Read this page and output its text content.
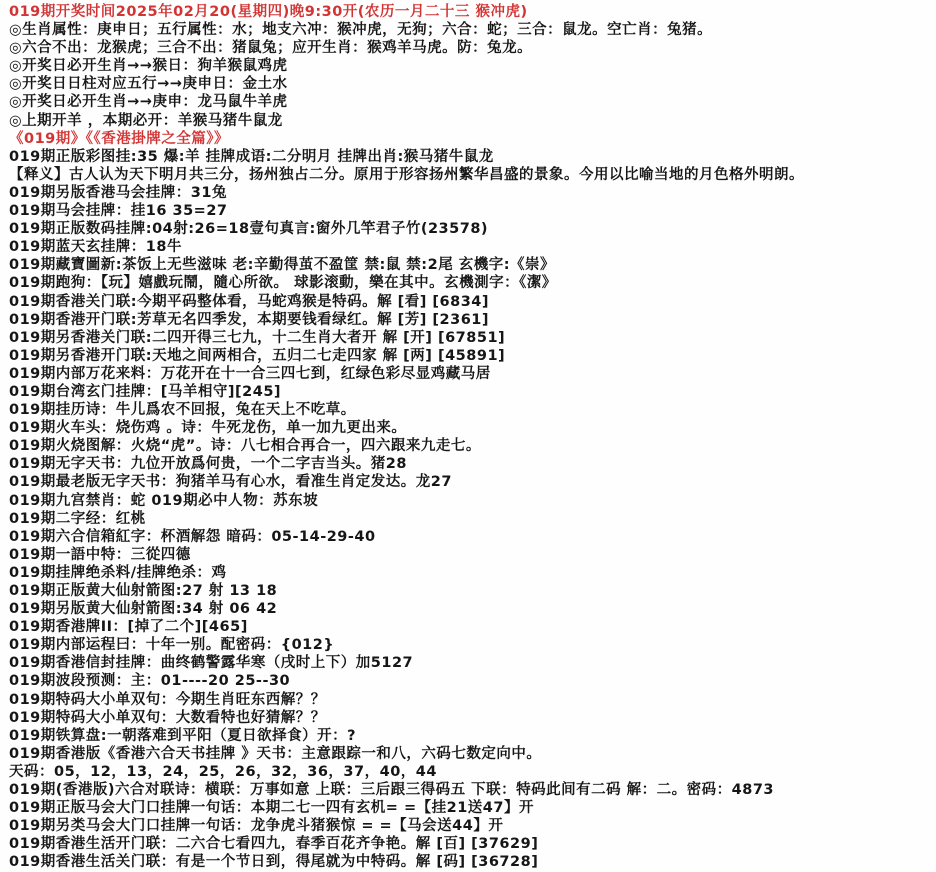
019期开奖时间2025年02月20(星期四)晚9:30开(农历一月二十三 猴冲虎)
◎生肖属性：庚申日；五行属性：水；地支六冲：猴冲虎，无狗；六合：蛇；三合：鼠龙。空亡肖：兔猪。
◎六合不出：龙猴虎；三合不出：猪鼠兔；应开生肖：猴鸡羊马虎。防：兔龙。
◎开奖日必开生肖→→猴日：狗羊猴鼠鸡虎
◎开奖日日柱对应五行→→庚申日：金土水
◎开奖日必开生肖→→庚申：龙马鼠牛羊虎
◎上期开羊 ，本期必开：羊猴马猪牛鼠龙
《019期》《《香港掛牌之全篇》》
019期正版彩图挂:35 爆:羊 挂牌成语:二分明月 挂牌出肖:猴马猪牛鼠龙
【释义】古人认为天下明月共三分，扬州独占二分。原用于形容扬州繁华昌盛的景象。今用以比喻当地的月色格外明朗。
019期另版香港马会挂牌：31兔
019期马会挂牌：挂16 35=27
019期正版数码挂牌:04射:26=18壹句真言:窗外几竿君子竹(23578)
019期蓝天玄挂牌：18牛
019期藏寶圖新:茶饭上无些滋味 老:辛勤得茧不盈筐 禁:鼠 禁:2尾 玄機字:《崇》
019期跑狗：【玩】嬉戲玩鬧，隨心所欲。 球影滚動，樂在其中。玄機測字：《潔》
019期香港关门联:今期平码整体看，马蛇鸡猴是特码。解 [看] [6834]
019期香港开门联:芳草无名四季发，本期要钱看绿红。解 [芳] [2361]
019期另香港关门联:二四开得三七九，十二生肖大者开 解 [开] [67851]
019期另香港开门联:天地之间两相合，五归二七走四家 解 [两] [45891]
019期内部万花来料：万花开在十一合三四七到，红绿色彩尽显鸡藏马居
019期台湾玄门挂牌：[马羊相守][245]
019期挂历诗：牛儿爲农不回报，兔在天上不吃草。
019期火车头：烧伤鸡 。诗：牛死龙伤，单一加九更出来。
019期火烧图解：火烧“虎”。诗：八七相合再合一，四六跟来九走七。
019期无字天书：九位开放爲何贵，一个二字吉当头。猪28
019期最老版无字天书：狗猪羊马有心水，看准生肖定发达。龙27
019期九宫禁肖：蛇 019期必中人物：苏东坡
019期二字经：红桃
019期六合信箱紅字：杯酒解怨 暗码：05-14-29-40
019期一語中特：三從四德
019期挂牌绝杀料/挂牌绝杀：鸡
019期正版黄大仙射箭图:27 射 13 18
019期另版黄大仙射箭图:34 射 06 42
019期香港牌II：[掉了二个][465]
019期内部运程曰：十年一别。配密码：{012}
019期香港信封挂牌：曲终鹤警露华寒（戌时上下）加5127
019期波段预测：主：01----20 25--30
019期特码大小单双句：今期生肖旺东西解？？
019期特码大小单双句：大数看特也好猜解？？
019期铁算盘:一朝落难到平阳（夏日欲择食）开：?
019期香港版《香港六合天书挂牌 》天书：主意跟踪一和八，六码七数定向中。
天码：05，12，13，24，25，26，32，36，37，40，44
019期(香港版)六合对联诗：横联：万事如意 上联：三后跟三得码五 下联：特码此间有二码 解：二。密码：4873
019期正版马会大门口挂牌一句话：本期二七一四有玄机= =【挂21送47】开
019期另类马会大门口挂牌一句话：龙争虎斗猪猴惊 = =【马会送44】开
019期香港生活开门联：二六合七看四九，春季百花齐争艳。解 [百] [37629]
019期香港生活关门联：有是一个节日到，得尾就为中特码。解 [码] [36728]
